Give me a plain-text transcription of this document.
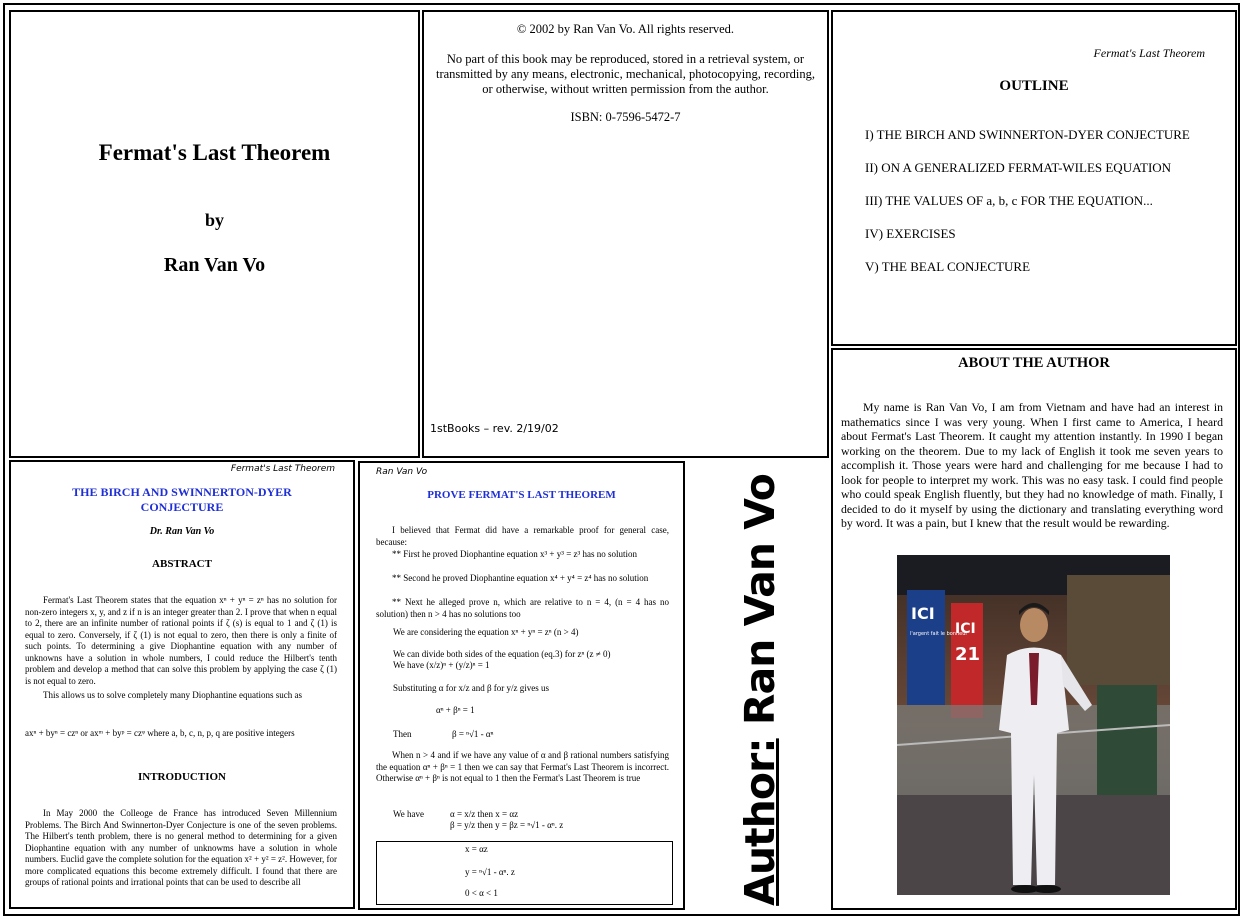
Fermat's Last Theorem
by
Ran Van Vo
© 2002 by Ran Van Vo. All rights reserved.
No part of this book may be reproduced, stored in a retrieval system, or transmitted by any means, electronic, mechanical, photocopying, recording, or otherwise, without written permission from the author.
ISBN: 0-7596-5472-7
1stBooks – rev. 2/19/02
Fermat's Last Theorem
OUTLINE
I) THE BIRCH AND SWINNERTON-DYER CONJECTURE
II) ON A GENERALIZED FERMAT-WILES EQUATION
III) THE VALUES OF a, b, c FOR THE EQUATION...
IV) EXERCISES
V) THE BEAL CONJECTURE
ABOUT THE AUTHOR
My name is Ran Van Vo, I am from Vietnam and have had an interest in mathematics since I was very young. When I first came to America, I heard about Fermat's Last Theorem. It caught my attention instantly. In 1990 I began working on the theorem. Due to my lack of English it took me seven years to accomplish it. Those years were hard and challenging for me because I had to look for people to interpret my work. This was no easy task. I could find people who could speak English fluently, but they had no knowledge of math. Finally, I decided to do it myself by using the dictionary and translating everything word by word. It was a pain, but I knew that the result would be rewarding.
ICI
l'argent fait le bonheur
ICI
21
Fermat's Last Theorem
THE BIRCH AND SWINNERTON-DYER
CONJECTURE
Dr. Ran Van Vo
ABSTRACT
Fermat's Last Theorem states that the equation xⁿ + yⁿ = zⁿ has no solution for non-zero integers x, y, and z if n is an integer greater than 2. I prove that when n equal to 2, there are an infinite number of rational points if ζ (s) is equal to 1 and ζ (1) is equal to zero. Conversely, if ζ (1) is not equal to zero, then there is only a finite of such points. To determining a give Diophantine equation with any number of unknowns have a solution in whole numbers, I could reduce the Hilbert's tenth problem and develop a method that can solve this problem by applying the case ζ (1) is not equal to zero.
This allows us to solve completely many Diophantine equations such as
axⁿ + byⁿ = czⁿ or axᵐ + byᵖ = czᵠ where a, b, c, n, p, q are positive integers
INTRODUCTION
In May 2000 the Colleoge de France has introduced Seven Millennium Problems. The Birch And Swinnerton-Dyer Conjecture is one of the seven problems. The Hilbert's tenth problem, there is no general method to determining for a given Diophantine equation with any number of unknowms have a solution in whole numbers. Euclid gave the complete solution for the equation x² + y² = z². However, for more complicated equations this become extremely difficult. I found that there are groups of rational points and irrational points that can be used to describe all
Ran Van Vo
PROVE FERMAT'S LAST THEOREM
I believed that Fermat did have a remarkable proof for general case, because:
** First he proved Diophantine equation x³ + y³ = z³ has no solution
** Second he proved Diophantine equation x⁴ + y⁴ = z⁴ has no solution
** Next he alleged prove n, which are relative to n = 4, (n = 4 has no solution) then n > 4 has no solutions too
We are considering the equation xⁿ + yⁿ = zⁿ (n > 4)
We can divide both sides of the equation (eq.3) for zⁿ (z ≠ 0)
We have (x/z)ⁿ + (y/z)ⁿ = 1
Substituting α for x/z and β for y/z gives us
αⁿ + βⁿ = 1
Then	β = ⁿ√1 - αⁿ
When n > 4 and if we have any value of α and β rational numbers satisfying the equation αⁿ + βⁿ = 1 then we can say that Fermat's Last Theorem is incorrect. Otherwise αⁿ + βⁿ is not equal to 1 then the Fermat's Last Theorem is true
We have	α = x/z then x = αz
β = y/z then y = βz = ⁿ√1 - αⁿ. z
x = αz
y = ⁿ√1 - αⁿ. z
0 < α < 1	Author: Ran Van Vo
